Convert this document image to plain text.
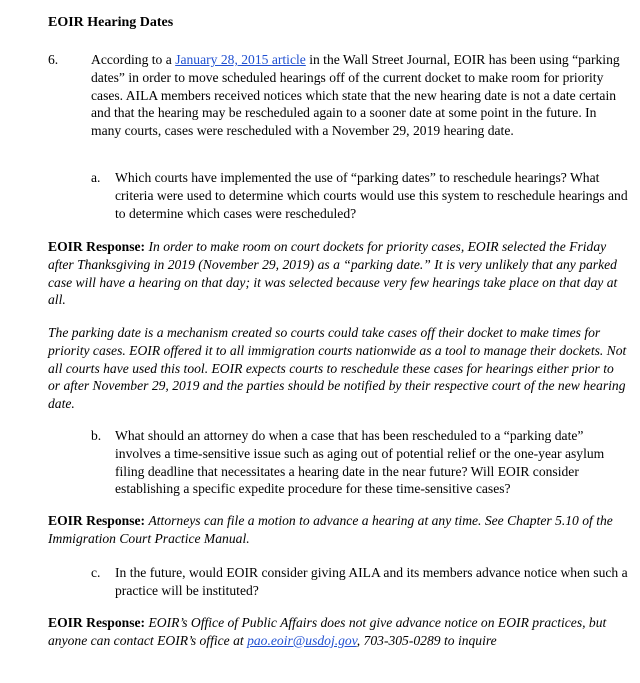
EOIR Hearing Dates
6. According to a January 28, 2015 article in the Wall Street Journal, EOIR has been using “parking dates” in order to move scheduled hearings off of the current docket to make room for priority cases. AILA members received notices which state that the new hearing date is not a date certain and that the hearing may be rescheduled again to a sooner date at some point in the future. In many courts, cases were rescheduled with a November 29, 2019 hearing date.
a. Which courts have implemented the use of “parking dates” to reschedule hearings? What criteria were used to determine which courts would use this system to reschedule hearings and to determine which cases were rescheduled?
EOIR Response: In order to make room on court dockets for priority cases, EOIR selected the Friday after Thanksgiving in 2019 (November 29, 2019) as a “parking date.” It is very unlikely that any parked case will have a hearing on that day; it was selected because very few hearings take place on that day at all.
The parking date is a mechanism created so courts could take cases off their docket to make times for priority cases. EOIR offered it to all immigration courts nationwide as a tool to manage their dockets. Not all courts have used this tool. EOIR expects courts to reschedule these cases for hearings either prior to or after November 29, 2019 and the parties should be notified by their respective court of the new hearing date.
b. What should an attorney do when a case that has been rescheduled to a “parking date” involves a time-sensitive issue such as aging out of potential relief or the one-year asylum filing deadline that necessitates a hearing date in the near future? Will EOIR consider establishing a specific expedite procedure for these time-sensitive cases?
EOIR Response: Attorneys can file a motion to advance a hearing at any time. See Chapter 5.10 of the Immigration Court Practice Manual.
c. In the future, would EOIR consider giving AILA and its members advance notice when such a practice will be instituted?
EOIR Response: EOIR’s Office of Public Affairs does not give advance notice on EOIR practices, but anyone can contact EOIR’s office at pao.eoir@usdoj.gov, 703-305-0289 to inquire
